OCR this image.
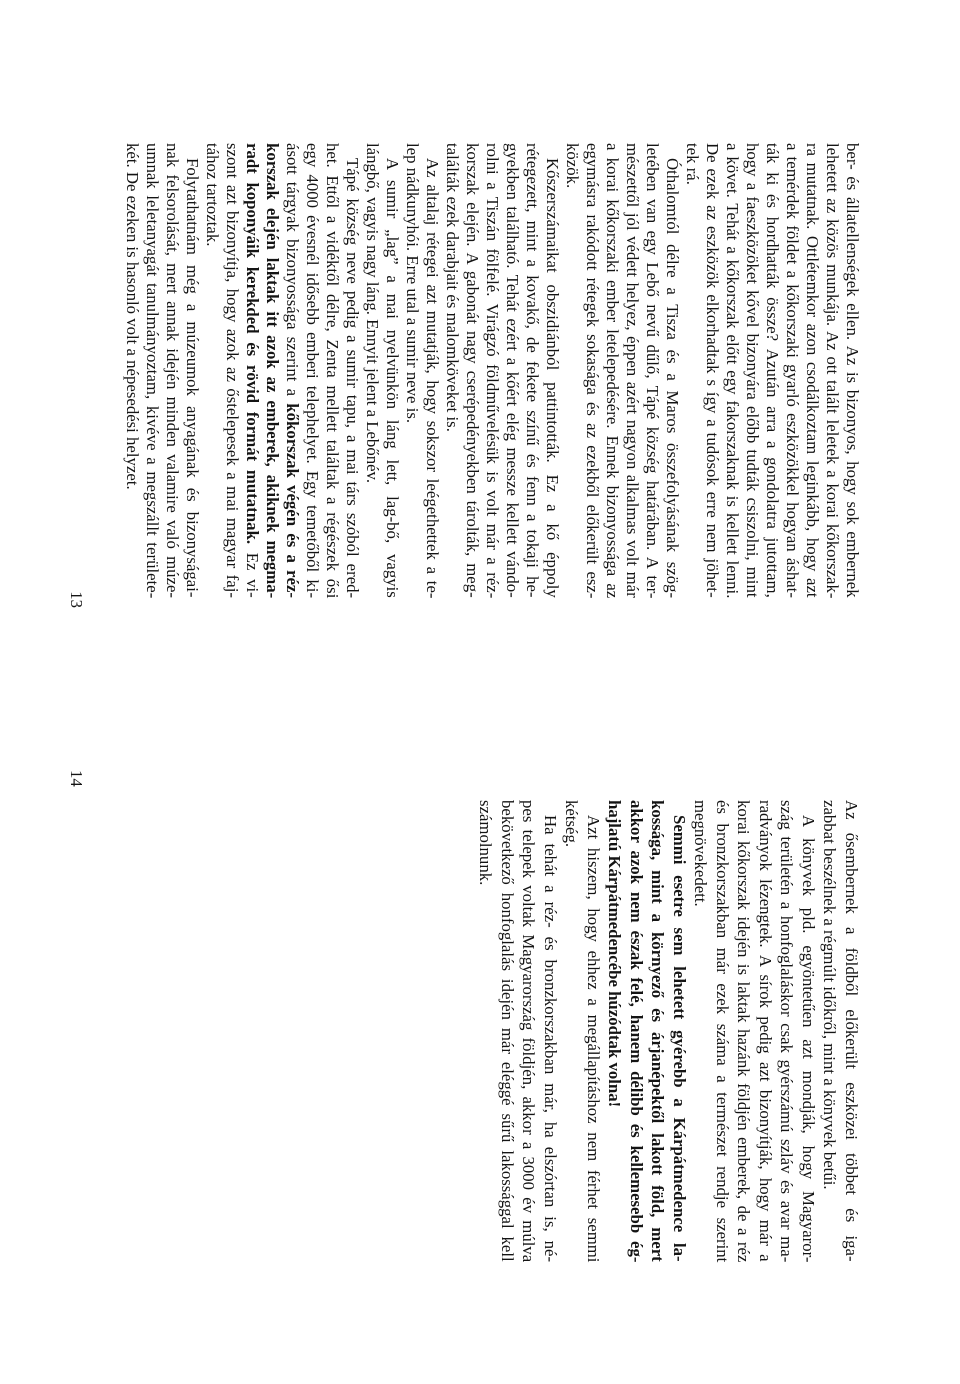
ber- és állatellenségek ellen. Az is bizonyos, hogy sok embernek
lehetett az közös munkája. Az ott talált leletek a korai kőkorszak-
ra mutatnak. Ottlétemkor azon csodálkoztam leginkább, hogy azt
a temérdek földet a kőkorszaki gyarló eszközökkel hogyan áshat-
ták ki és hordhatták össze? Azután arra a gondolatra jutottam,
hogy a faeszközöket kővel bizonyára előbb tudták csiszolni, mint
a követ. Tehát a kőkorszak előtt egy fakorszaknak is kellett lenni.
De ezek az eszközök elkorhadtak s így a tudósok erre nem jöhet-
tek rá.
Óthalomtól délre a Tisza és a Maros összefolyásának szög-
letében van egy Lebő nevű dűlő, Tápé község határában. A ter-
mészettől jól védett helyez, éppen azért nagyon alkalmas volt már
a korai kőkorszaki ember letelepedésére. Ennek bizonyossága az
egymásra rakódott rétegek sokasága és az ezekből előkerült esz-
közök.
Kőszerszámaikat obszidiánból pattintották. Ez a kő éppoly
rétegezett, mint a kovakő, de fekete színű és fenn a tokaji he-
gyekben található. Tehát ezért a kőért elég messze kellett vándo-
rolni a Tiszán fölfelé. Virágzó földművelésük is volt már a réz-
korszak elején. A gabonát nagy cserépedényekben tárolták, meg-
találták ezek darabjait és malomköveket is.
Az altalaj rétegei azt mutatják, hogy sokszor leégethettek a te-
lep nádkunyhói. Erre utal a sumir neve is.
A sumir „lag” a mai nyelvünkön láng lett, lag-bő, vagyis
lángbő, vagyis nagy láng. Ennyit jelent a Lebőnév.
Tápé község neve pedig a sumir tapu, a mai társ szóból ered-
het. Ettől a vidéktől délre, Zenta mellett találtak a régészek ősi
egy 4000 évesnél idősebb emberi telephelyet. Egy temetőből ki-
ásott tárgyak bizonyossága szerint a kőkorszak végén és a réz-
korszak elején laktak itt azok az emberek, akiknek megma-
radt koponyáik kerekded és rövid formát mutatnak. Ez vi-
szont azt bizonyítja, hogy azok az őstelepesek a mai magyar faj-
tához tartoztak.
Folytathatnám még a múzeumok anyagának és bizonyságai-
nak felsorolását, mert annak idején minden valamire való múze-
umnak leletanyagát tanulmányoztam, kivéve a megszállt területe-
két. De ezeken is hasonló volt a népesedési helyzet.
13
Az ősembernek a földből előkerült eszközei többet és iga-
zabbat beszélnek a régmúlt időkről, mint a könyvek betűi.
A könyvek pld. egyöntetűen azt mondják, hogy Magyaror-
szág területén a honfoglaláskor csak gyérszámú szláv és avar ma-
radványok lézengtek. A sírok pedig azt bizonyítják, hogy már a
korai kőkorszak idején is laktak hazánk földjén emberek, de a réz
és bronzkorszakban már ezek száma a természet rendje szerint
megnövekedett.
Semmi esetre sem lehetett gyérebb a Kárpátmedence la-
kossága, mint a környező és árjanépektől lakott föld, mert
akkor azok nem észak felé, hanem délibb és kellemesebb ég-
hajlatú Kárpátmedencébe húzódtak volna!
Azt hiszem, hogy ehhez a megállapításhoz nem férhet semmi
kétség.
Ha tehát a réz- és bronzkorszakban már, ha elszórtan is, né-
pes telepek voltak Magyarország földjén, akkor a 3000 év múlva
bekövetkező honfoglalás idején már eléggé sűrű lakossággal kell
számolnunk.
14
